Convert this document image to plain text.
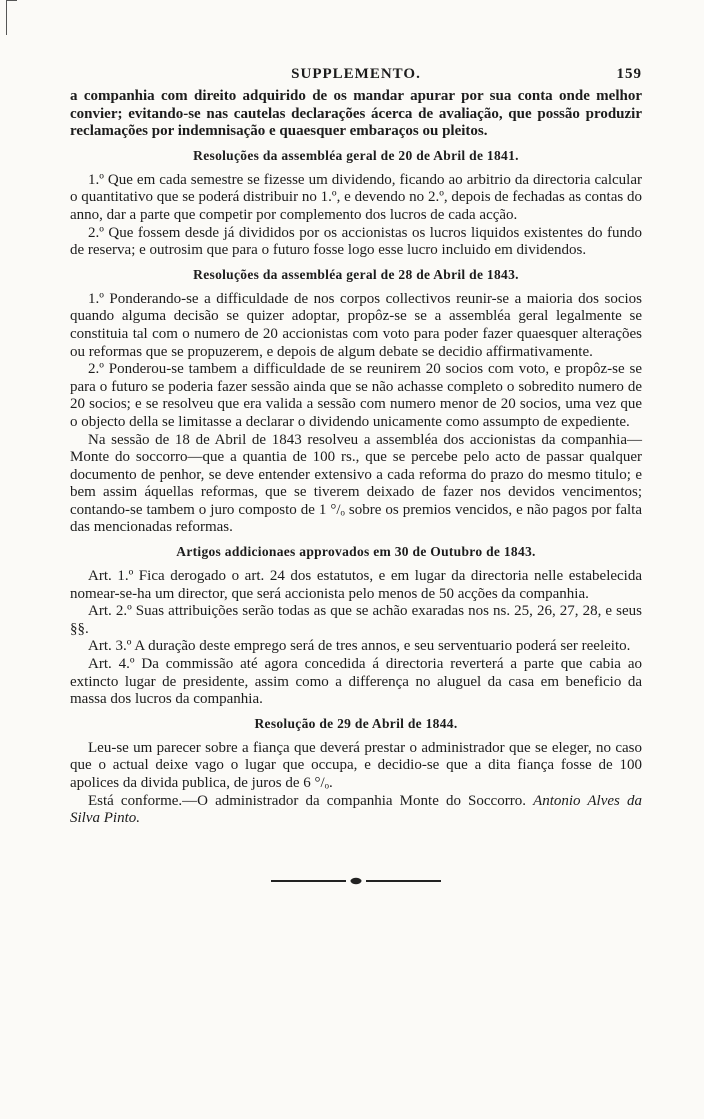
SUPPLEMENTO.	159

a companhia com direito adquirido de os mandar apurar por sua conta onde melhor convier; evitando-se nas cautelas declarações ácerca de avaliação, que possão produzir reclamações por indemnisação e quaesquer embaraços ou pleitos.

Resoluções da assembléa geral de 20 de Abril de 1841.

1.º Que em cada semestre se fizesse um dividendo, ficando ao arbitrio da directoria calcular o quantitativo que se poderá distribuir no 1.º, e devendo no 2.º, depois de fechadas as contas do anno, dar a parte que competir por complemento dos lucros de cada acção.

2.º Que fossem desde já divididos por os accionistas os lucros liquidos existentes do fundo de reserva; e outrosim que para o futuro fosse logo esse lucro incluido em dividendos.

Resoluções da assembléa geral de 28 de Abril de 1843.

1.º Ponderando-se a difficuldade de nos corpos collectivos reunir-se a maioria dos socios quando alguma decisão se quizer adoptar, propôz-se se a assembléa geral legalmente se constituia tal com o numero de 20 accionistas com voto para poder fazer quaesquer alterações ou reformas que se propuzerem, e depois de algum debate se decidio affirmativamente.

2.º Ponderou-se tambem a difficuldade de se reunirem 20 socios com voto, e propôz-se se para o futuro se poderia fazer sessão ainda que se não achasse completo o sobredito numero de 20 socios; e se resolveu que era valida a sessão com numero menor de 20 socios, uma vez que o objecto della se limitasse a declarar o dividendo unicamente como assumpto de expediente.

Na sessão de 18 de Abril de 1843 resolveu a assembléa dos accionistas da companhia—Monte do soccorro—que a quantia de 100 rs., que se percebe pelo acto de passar qualquer documento de penhor, se deve entender extensivo a cada reforma do prazo do mesmo titulo; e bem assim áquellas reformas, que se tiverem deixado de fazer nos devidos vencimentos; contando-se tambem o juro composto de 1 °/ₒ sobre os premios vencidos, e não pagos por falta das mencionadas reformas.

Artigos addicionaes approvados em 30 de Outubro de 1843.

Art. 1.º Fica derogado o art. 24 dos estatutos, e em lugar da directoria nelle estabelecida nomear-se-ha um director, que será accionista pelo menos de 50 acções da companhia.

Art. 2.º Suas attribuições serão todas as que se achão exaradas nos ns. 25, 26, 27, 28, e seus §§.

Art. 3.º A duração deste emprego será de tres annos, e seu serventuario poderá ser reeleito.

Art. 4.º Da commissão até agora concedida á directoria reverterá a parte que cabia ao extincto lugar de presidente, assim como a differença no aluguel da casa em beneficio da massa dos lucros da companhia.

Resolução de 29 de Abril de 1844.

Leu-se um parecer sobre a fiança que deverá prestar o administrador que se eleger, no caso que o actual deixe vago o lugar que occupa, e decidio-se que a dita fiança fosse de 100 apolices da divida publica, de juros de 6 °/ₒ.

Está conforme.—O administrador da companhia Monte do Soccorro. Antonio Alves da Silva Pinto.
